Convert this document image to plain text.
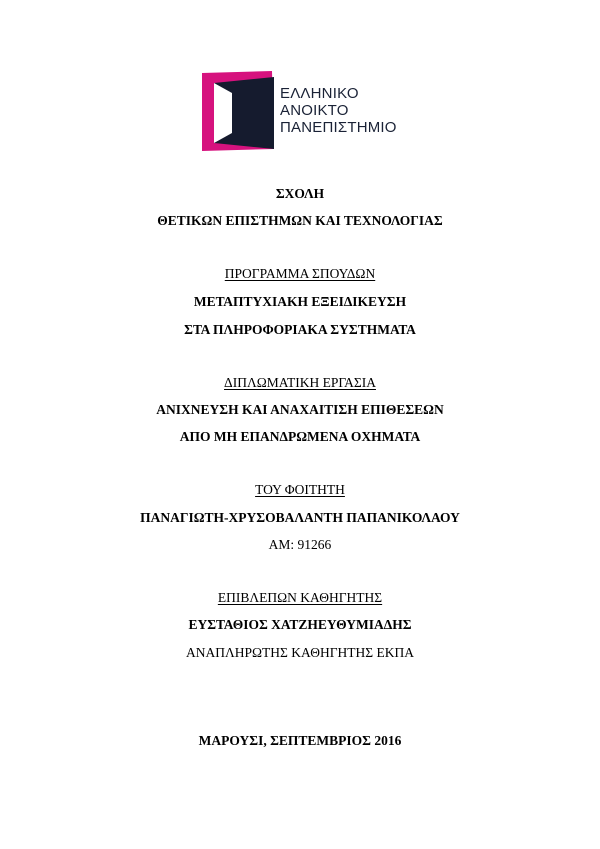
ΕΛΛΗΝΙΚΟ
ΑΝΟΙΚΤΟ
ΠΑΝΕΠΙΣΤΗΜΙΟ
ΣΧΟΛΗ
ΘΕΤΙΚΩΝ ΕΠΙΣΤΗΜΩΝ ΚΑΙ ΤΕΧΝΟΛΟΓΙΑΣ
ΠΡΟΓΡΑΜΜΑ ΣΠΟΥΔΩΝ
ΜΕΤΑΠΤΥΧΙΑΚΗ ΕΞΕΙΔΙΚΕΥΣΗ
ΣΤΑ ΠΛΗΡΟΦΟΡΙΑΚΑ ΣΥΣΤΗΜΑΤΑ
ΔΙΠΛΩΜΑΤΙΚΗ ΕΡΓΑΣΙΑ
ΑΝΙΧΝΕΥΣΗ ΚΑΙ ΑΝΑΧΑΙΤΙΣΗ ΕΠΙΘΕΣΕΩΝ
ΑΠΟ ΜΗ ΕΠΑΝΔΡΩΜΕΝΑ ΟΧΗΜΑΤΑ
ΤΟΥ ΦΟΙΤΗΤΗ
ΠΑΝΑΓΙΩΤΗ-ΧΡΥΣΟΒΑΛΑΝΤΗ ΠΑΠΑΝΙΚΟΛΑΟΥ
ΑΜ: 91266
ΕΠΙΒΛΕΠΩΝ ΚΑΘΗΓΗΤΗΣ
ΕΥΣΤΑΘΙΟΣ ΧΑΤΖΗΕΥΘΥΜΙΑΔΗΣ
ΑΝΑΠΛΗΡΩΤΗΣ ΚΑΘΗΓΗΤΗΣ ΕΚΠΑ
ΜΑΡΟΥΣΙ, ΣΕΠΤΕΜΒΡΙΟΣ 2016
